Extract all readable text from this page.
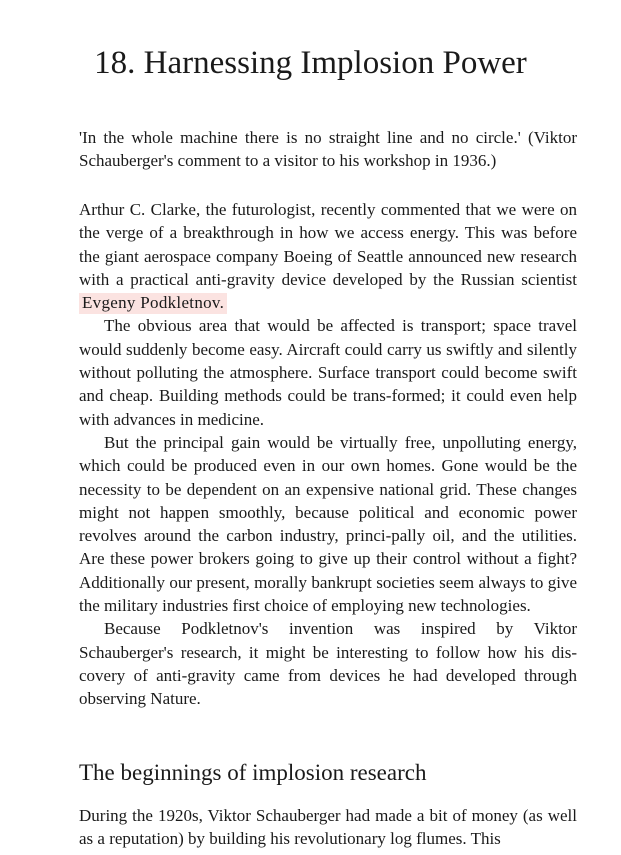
18. Harnessing Implosion Power

'In the whole machine there is no straight line and no circle.' (Viktor Schauberger's comment to a visitor to his workshop in 1936.)

Arthur C. Clarke, the futurologist, recently commented that we were on the verge of a breakthrough in how we access energy. This was before the giant aerospace company Boeing of Seattle announced new research with a practical anti-gravity device developed by the Russian scientist Evgeny Podkletnov.

The obvious area that would be affected is transport; space travel would suddenly become easy. Aircraft could carry us swiftly and silently without polluting the atmosphere. Surface transport could become swift and cheap. Building methods could be trans-formed; it could even help with advances in medicine.

But the principal gain would be virtually free, unpolluting energy, which could be produced even in our own homes. Gone would be the necessity to be dependent on an expensive national grid. These changes might not happen smoothly, because political and economic power revolves around the carbon industry, princi-pally oil, and the utilities. Are these power brokers going to give up their control without a fight? Additionally our present, morally bankrupt societies seem always to give the military industries first choice of employing new technologies.

Because Podkletnov's invention was inspired by Viktor Schauberger's research, it might be interesting to follow how his dis-covery of anti-gravity came from devices he had developed through observing Nature.

The beginnings of implosion research

During the 1920s, Viktor Schauberger had made a bit of money (as well as a reputation) by building his revolutionary log flumes. This
